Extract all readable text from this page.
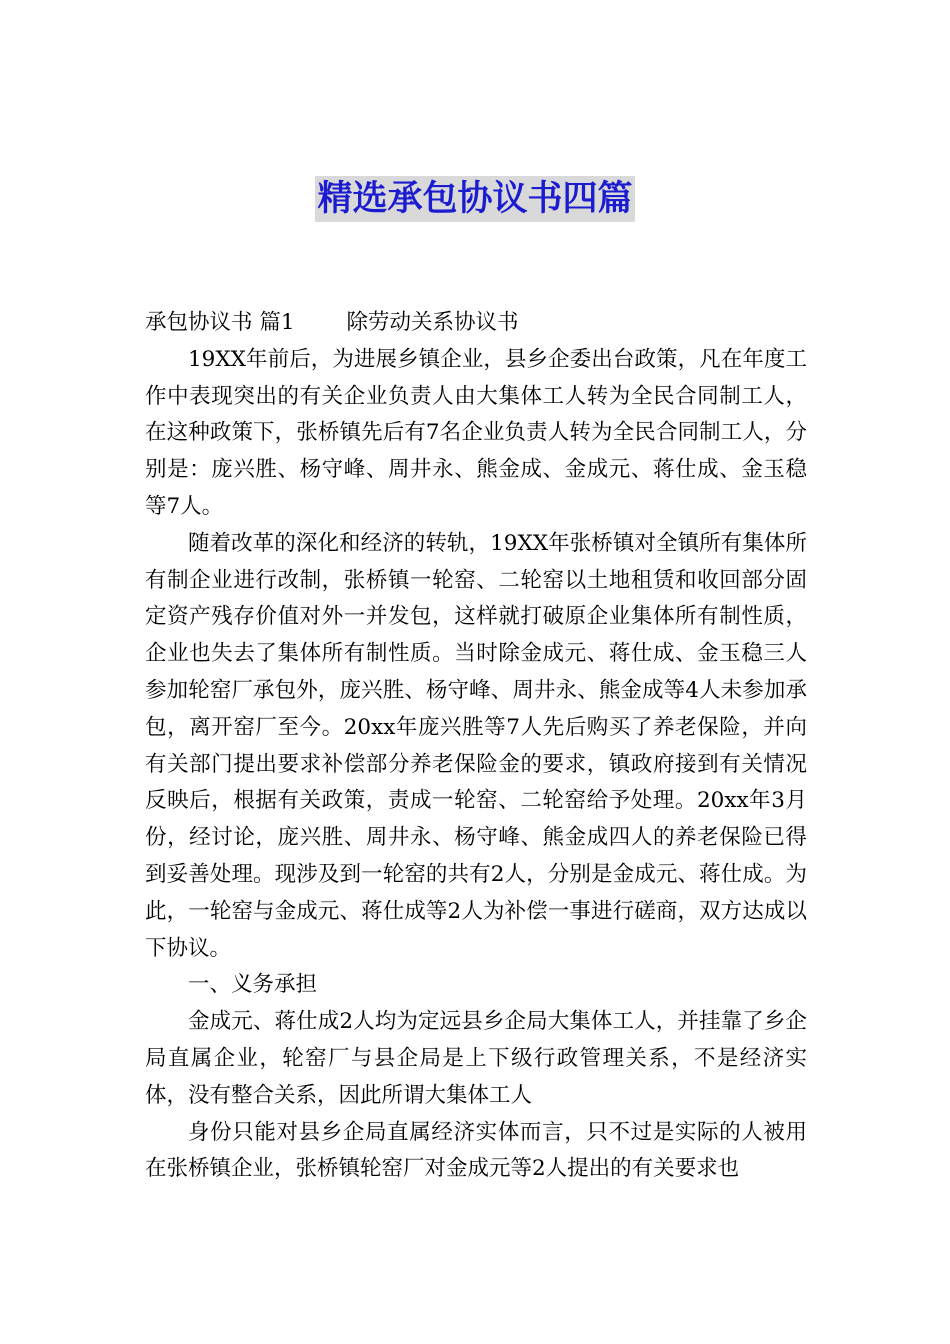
精选承包协议书四篇

承包协议书 篇1 除劳动关系协议书

19XX年前后，为进展乡镇企业，县乡企委出台政策，凡在年度工作中表现突出的有关企业负责人由大集体工人转为全民合同制工人，在这种政策下，张桥镇先后有7名企业负责人转为全民合同制工人，分别是：庞兴胜、杨守峰、周井永、熊金成、金成元、蒋仕成、金玉稳等7人。

随着改革的深化和经济的转轨，19XX年张桥镇对全镇所有集体所有制企业进行改制，张桥镇一轮窑、二轮窑以土地租赁和收回部分固定资产残存价值对外一并发包，这样就打破原企业集体所有制性质，企业也失去了集体所有制性质。当时除金成元、蒋仕成、金玉稳三人参加轮窑厂承包外，庞兴胜、杨守峰、周井永、熊金成等4人未参加承包，离开窑厂至今。20xx年庞兴胜等7人先后购买了养老保险，并向有关部门提出要求补偿部分养老保险金的要求，镇政府接到有关情况反映后，根据有关政策，责成一轮窑、二轮窑给予处理。20xx年3月份，经讨论，庞兴胜、周井永、杨守峰、熊金成四人的养老保险已得到妥善处理。现涉及到一轮窑的共有2人，分别是金成元、蒋仕成。为此，一轮窑与金成元、蒋仕成等2人为补偿一事进行磋商，双方达成以下协议。

一、义务承担

金成元、蒋仕成2人均为定远县乡企局大集体工人，并挂靠了乡企局直属企业，轮窑厂与县企局是上下级行政管理关系，不是经济实体，没有整合关系，因此所谓大集体工人

身份只能对县乡企局直属经济实体而言，只不过是实际的人被用在张桥镇企业，张桥镇轮窑厂对金成元等2人提出的有关要求也
